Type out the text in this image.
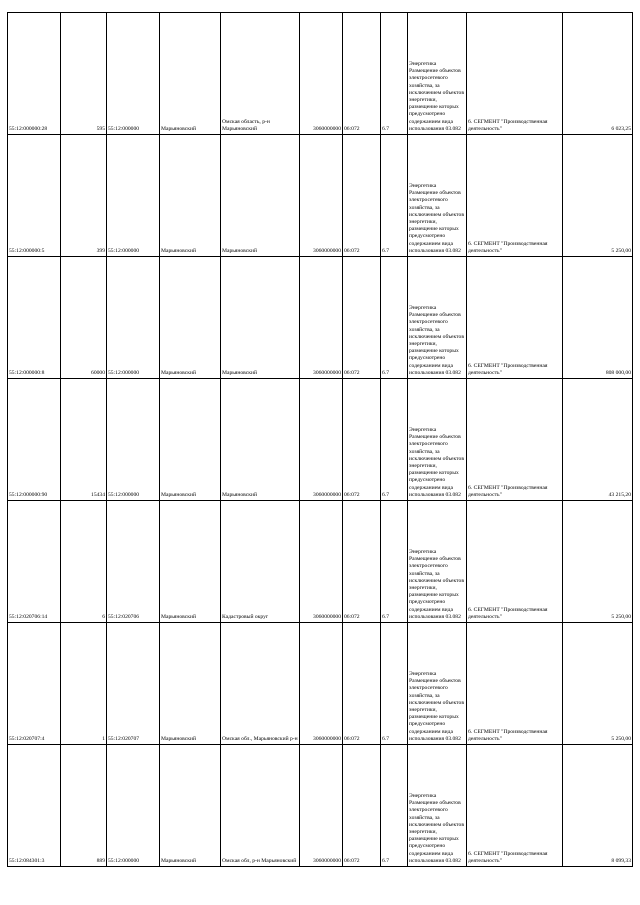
55:12:000000:28	595	55:12:000000	Марьяновский	Омская область, р-н Марьяновский	3060000000	06:072	6.7	Энергетика Размещение объектов электросетевого хозяйства, за исключением объектов энергетики, размещение которых предусмотрено содержанием вида использования 03.082	6. СЕГМЕНТ "Производственная деятельность"	6 023,25
55:12:000000:5	399	55:12:000000	Марьяновский	Марьяновский	3060000000	06:072	6.7	Энергетика Размещение объектов электросетевого хозяйства, за исключением объектов энергетики, размещение которых предусмотрено содержанием вида использования 03.082	6. СЕГМЕНТ "Производственная деятельность"	5 250,00
55:12:000000:8	60000	55:12:000000	Марьяновский	Марьяновский	3060000000	06:072	6.7	Энергетика Размещение объектов электросетевого хозяйства, за исключением объектов энергетики, размещение которых предусмотрено содержанием вида использования 03.082	6. СЕГМЕНТ "Производственная деятельность"	808 000,00
55:12:000000:90	15434	55:12:000000	Марьяновский	Марьяновский	3060000000	06:072	6.7	Энергетика Размещение объектов электросетевого хозяйства, за исключением объектов энергетики, размещение которых предусмотрено содержанием вида использования 03.082	6. СЕГМЕНТ "Производственная деятельность"	43 215,20
55:12:020706:14	6	55:12:020706	Марьяновский	Кадастровый округ	3060000000	06:072	6.7	Энергетика Размещение объектов электросетевого хозяйства, за исключением объектов энергетики, размещение которых предусмотрено содержанием вида использования 03.082	6. СЕГМЕНТ "Производственная деятельность"	5 250,00
55:12:020707:4	1	55:12:020707	Марьяновский	Омская обл., Марьяновский р-н	3060000000	06:072	6.7	Энергетика Размещение объектов электросетевого хозяйства, за исключением объектов энергетики, размещение которых предусмотрено содержанием вида использования 03.082	6. СЕГМЕНТ "Производственная деятельность"	5 250,00
55:12:084301:3	889	55:12:000000	Марьяновский	Омская обл, р-н Марьяновский	3060000000	06:072	6.7	Энергетика Размещение объектов электросетевого хозяйства, за исключением объектов энергетики, размещение которых предусмотрено содержанием вида использования 03.082	6. СЕГМЕНТ "Производственная деятельность"	8 099,33
